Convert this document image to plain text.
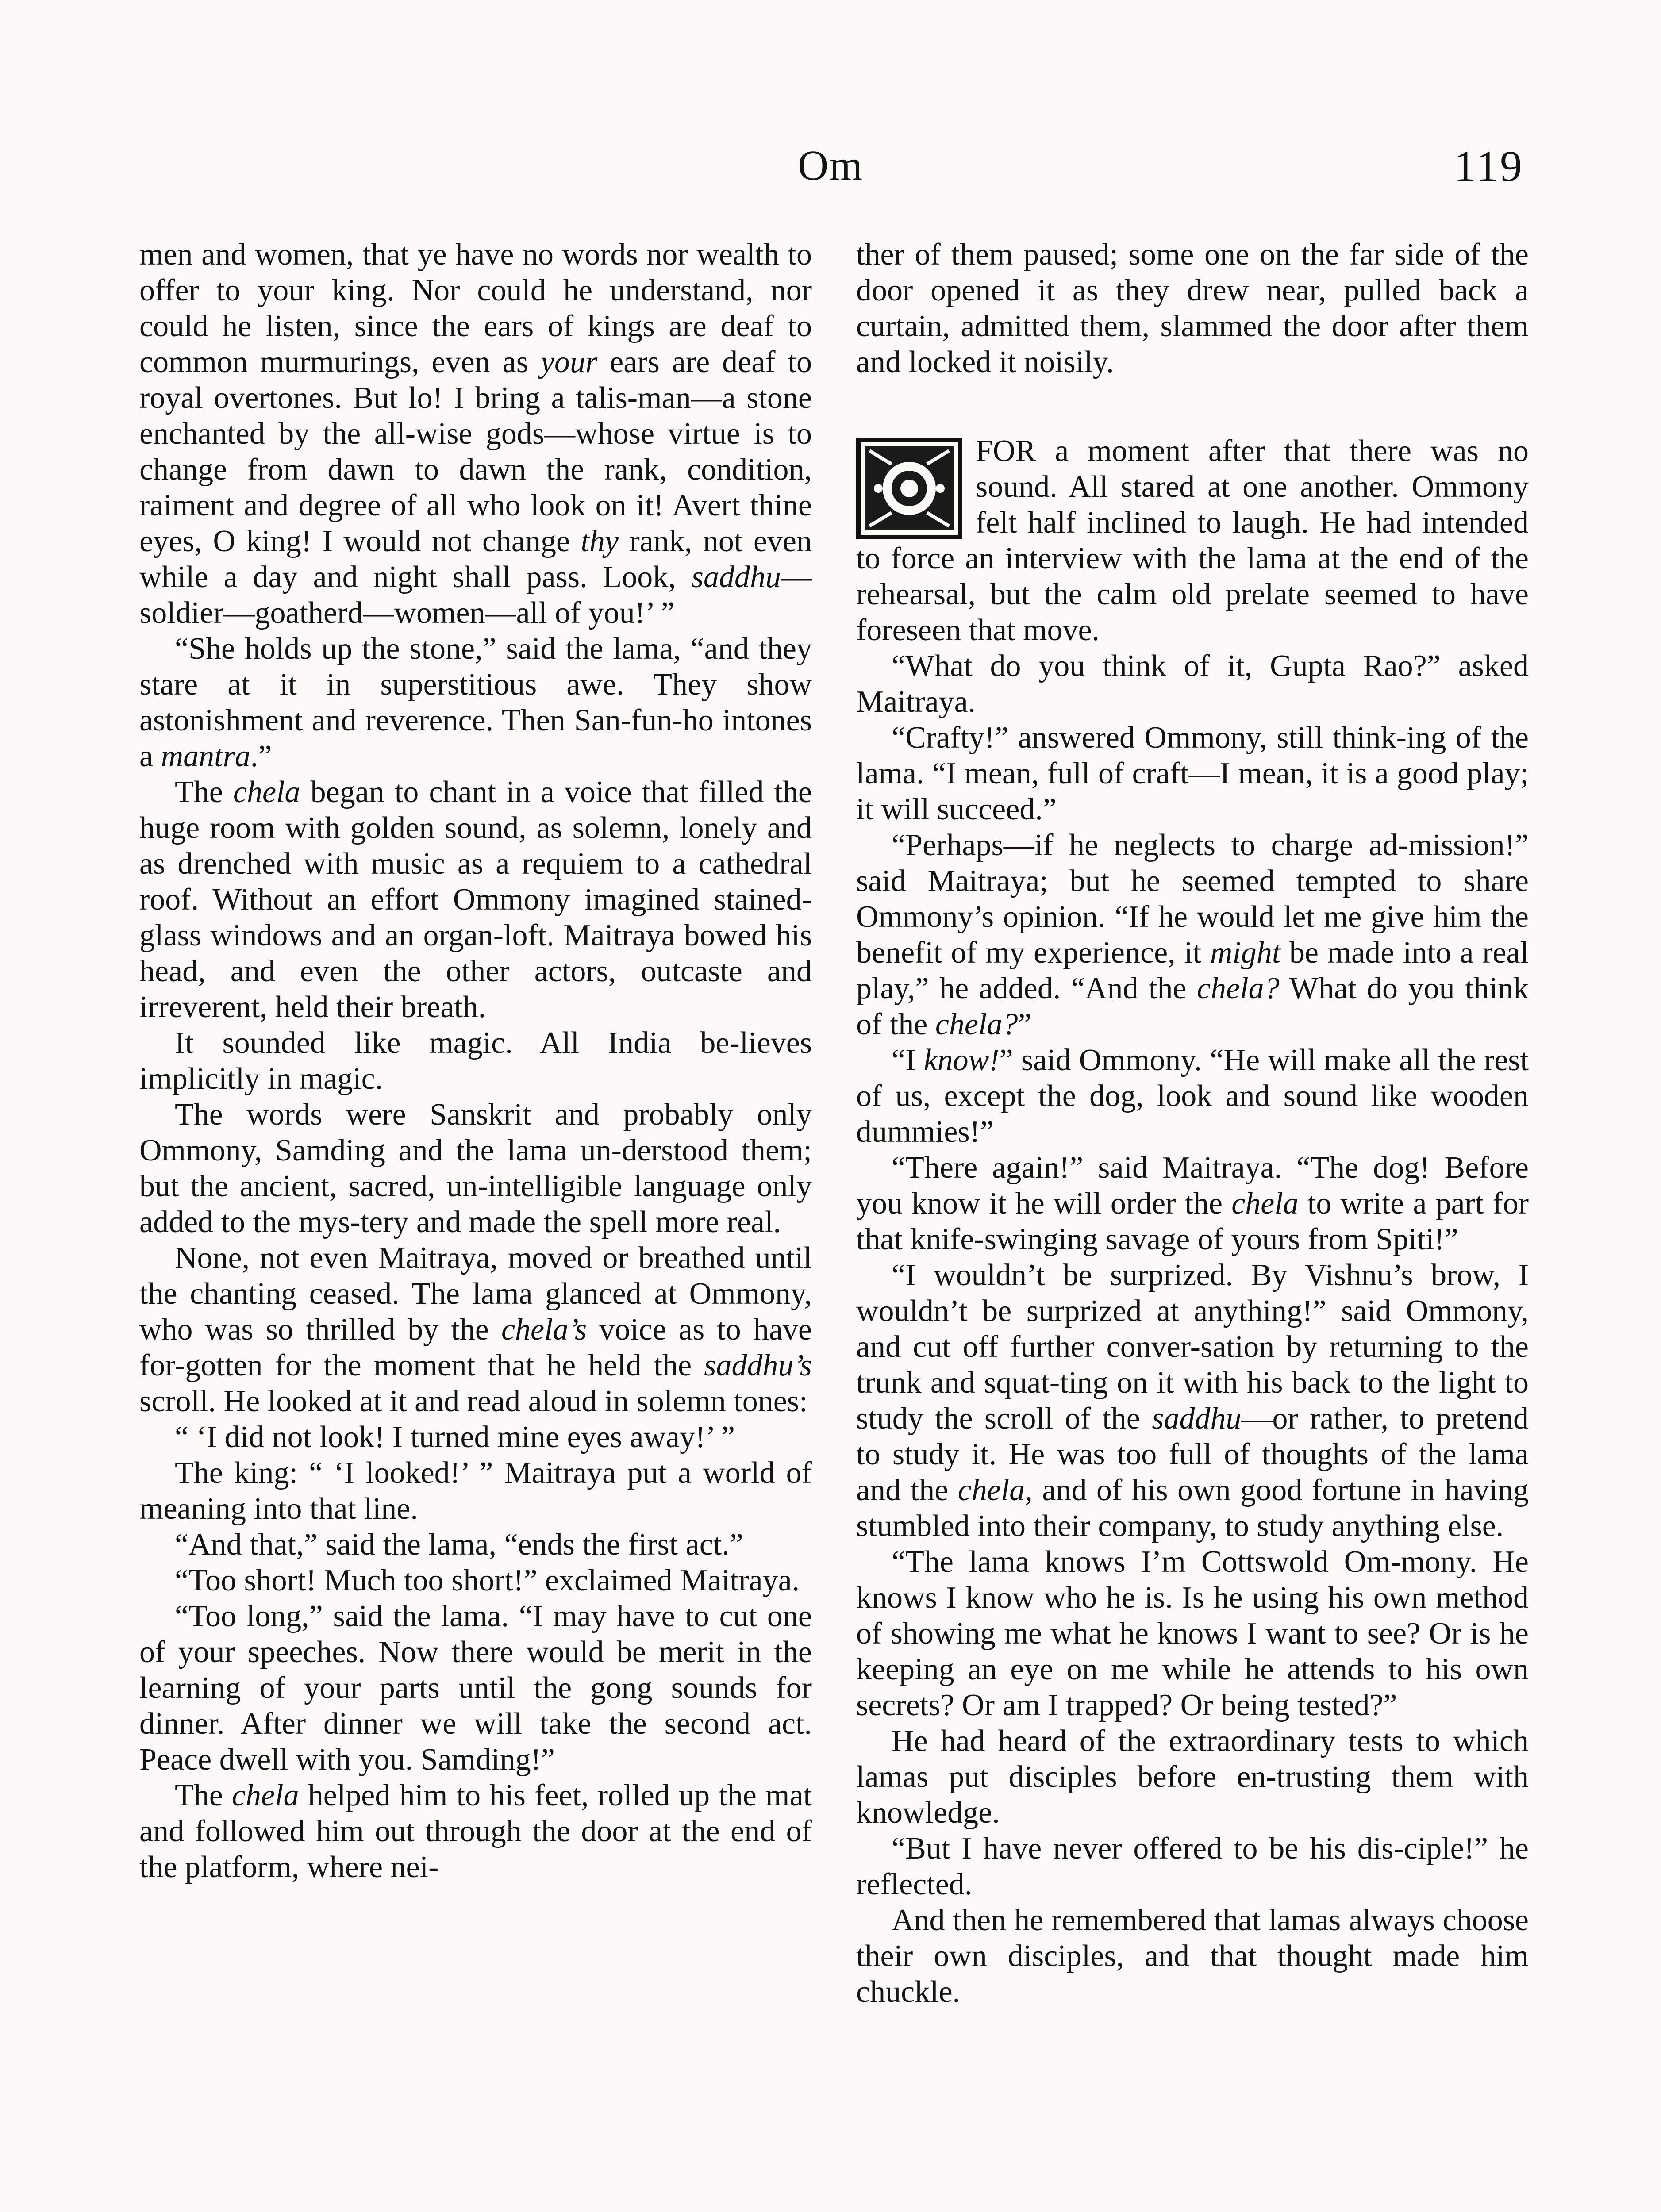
Om	119

men and women, that ye have no words nor wealth to offer to your king. Nor could he understand, nor could he listen, since the ears of kings are deaf to common murmurings, even as your ears are deaf to royal overtones. But lo! I bring a talis-man—a stone enchanted by the all-wise gods—whose virtue is to change from dawn to dawn the rank, condition, raiment and degree of all who look on it! Avert thine eyes, O king! I would not change thy rank, not even while a day and night shall pass. Look, saddhu—soldier—goatherd—women—all of you!’ ”

“She holds up the stone,” said the lama, “and they stare at it in superstitious awe. They show astonishment and reverence. Then San-fun-ho intones a mantra.”

The chela began to chant in a voice that filled the huge room with golden sound, as solemn, lonely and as drenched with music as a requiem to a cathedral roof. Without an effort Ommony imagined stained-glass windows and an organ-loft. Maitraya bowed his head, and even the other actors, outcaste and irreverent, held their breath.

It sounded like magic. All India be-lieves implicitly in magic.

The words were Sanskrit and probably only Ommony, Samding and the lama un-derstood them; but the ancient, sacred, un-intelligible language only added to the mys-tery and made the spell more real.

None, not even Maitraya, moved or breathed until the chanting ceased. The lama glanced at Ommony, who was so thrilled by the chela’s voice as to have for-gotten for the moment that he held the saddhu’s scroll. He looked at it and read aloud in solemn tones:

“ ‘I did not look! I turned mine eyes away!’ ”

The king: “ ‘I looked!’ ” Maitraya put a world of meaning into that line.

“And that,” said the lama, “ends the first act.”

“Too short! Much too short!” exclaimed Maitraya.

“Too long,” said the lama. “I may have to cut one of your speeches. Now there would be merit in the learning of your parts until the gong sounds for dinner. After dinner we will take the second act. Peace dwell with you. Samding!”

The chela helped him to his feet, rolled up the mat and followed him out through the door at the end of the platform, where nei-

ther of them paused; some one on the far side of the door opened it as they drew near, pulled back a curtain, admitted them, slammed the door after them and locked it noisily.

FOR a moment after that there was no sound. All stared at one another. Ommony felt half inclined to laugh. He had intended to force an interview with the lama at the end of the rehearsal, but the calm old prelate seemed to have foreseen that move.

“What do you think of it, Gupta Rao?” asked Maitraya.

“Crafty!” answered Ommony, still think-ing of the lama. “I mean, full of craft—I mean, it is a good play; it will succeed.”

“Perhaps—if he neglects to charge ad-mission!” said Maitraya; but he seemed tempted to share Ommony’s opinion. “If he would let me give him the benefit of my experience, it might be made into a real play,” he added. “And the chela? What do you think of the chela?”

“I know!” said Ommony. “He will make all the rest of us, except the dog, look and sound like wooden dummies!”

“There again!” said Maitraya. “The dog! Before you know it he will order the chela to write a part for that knife-swinging savage of yours from Spiti!”

“I wouldn’t be surprized. By Vishnu’s brow, I wouldn’t be surprized at anything!” said Ommony, and cut off further conver-sation by returning to the trunk and squat-ting on it with his back to the light to study the scroll of the saddhu—or rather, to pretend to study it. He was too full of thoughts of the lama and the chela, and of his own good fortune in having stumbled into their company, to study anything else.

“The lama knows I’m Cottswold Om-mony. He knows I know who he is. Is he using his own method of showing me what he knows I want to see? Or is he keeping an eye on me while he attends to his own secrets? Or am I trapped? Or being tested?”

He had heard of the extraordinary tests to which lamas put disciples before en-trusting them with knowledge.

“But I have never offered to be his dis-ciple!” he reflected.

And then he remembered that lamas always choose their own disciples, and that thought made him chuckle.
